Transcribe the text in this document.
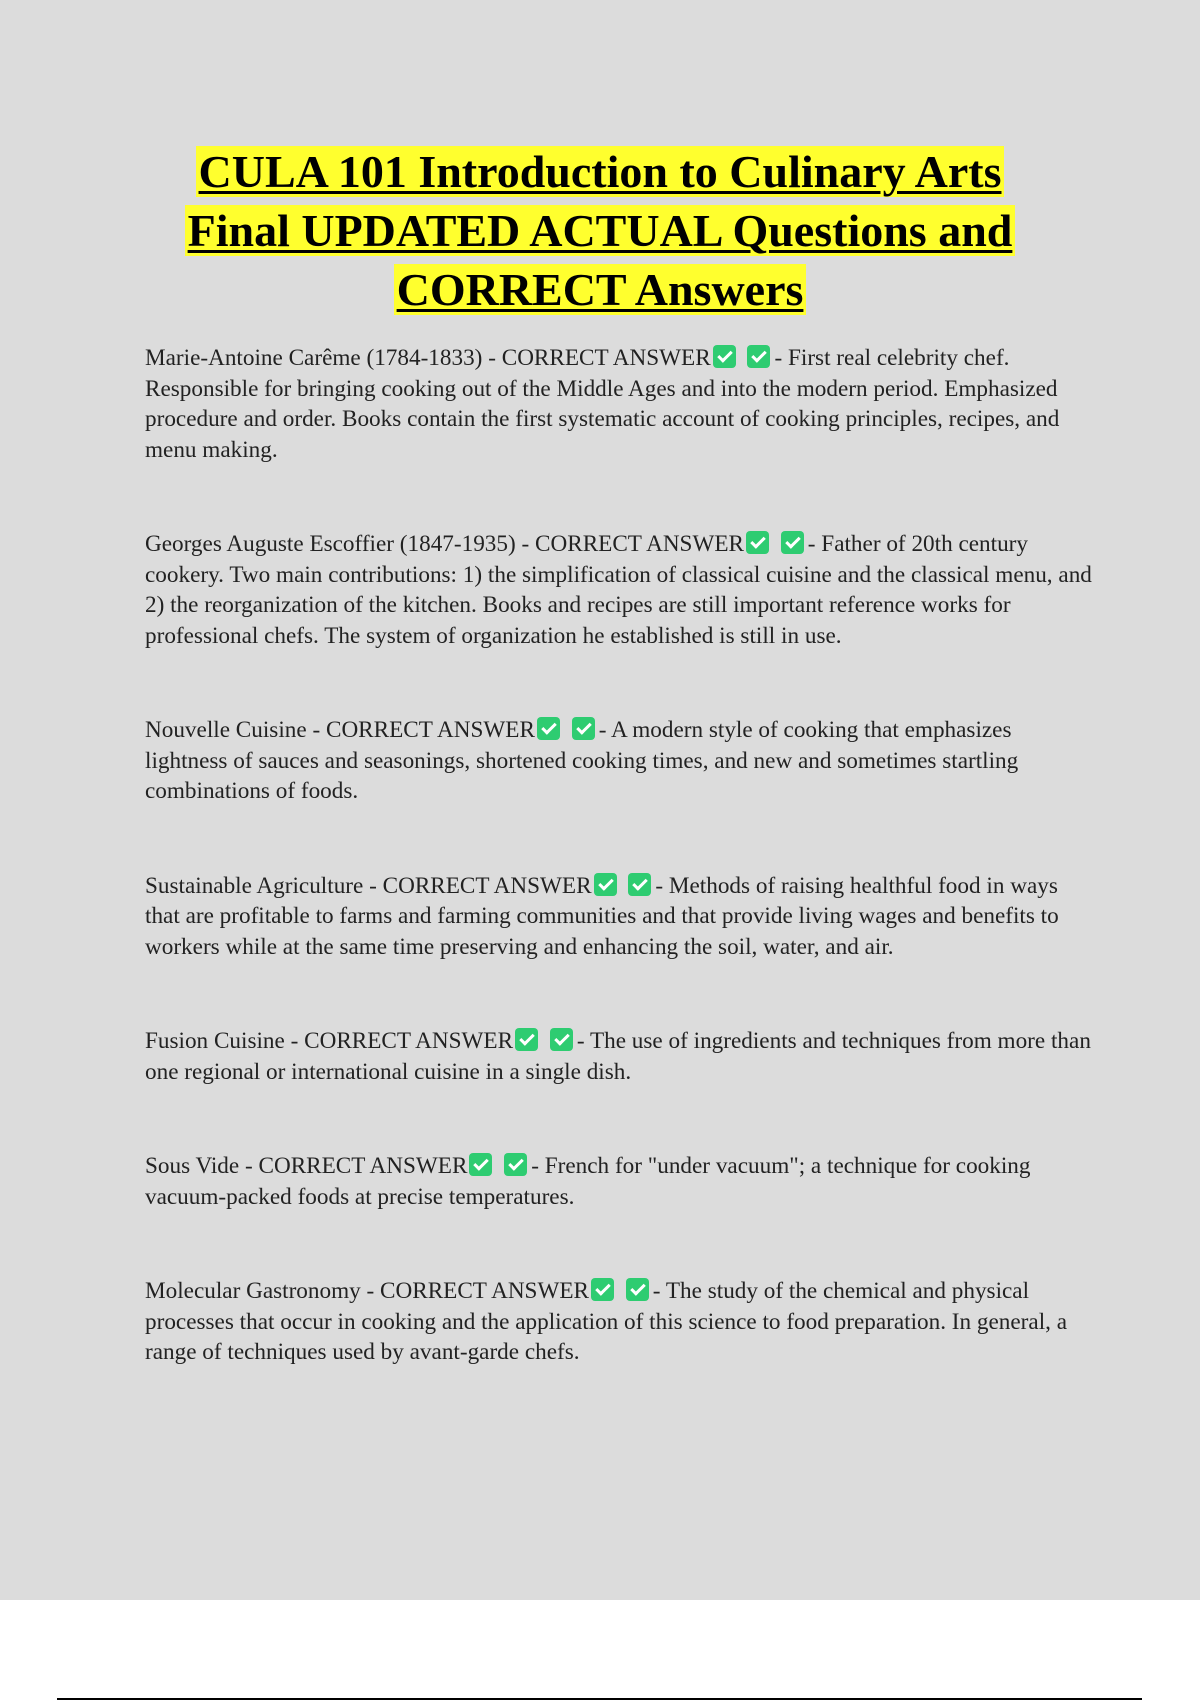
CULA 101 Introduction to Culinary Arts
Final UPDATED ACTUAL Questions and
CORRECT Answers

Marie-Antoine Carême (1784-1833) - CORRECT ANSWER	- First real celebrity chef. Responsible for bringing cooking out of the Middle Ages and into the modern period. Emphasized procedure and order. Books contain the first systematic account of cooking principles, recipes, and menu making.

Georges Auguste Escoffier (1847-1935) - CORRECT ANSWER	- Father of 20th century cookery. Two main contributions: 1) the simplification of classical cuisine and the classical menu, and 2) the reorganization of the kitchen. Books and recipes are still important reference works for professional chefs. The system of organization he established is still in use.

Nouvelle Cuisine - CORRECT ANSWER	- A modern style of cooking that emphasizes lightness of sauces and seasonings, shortened cooking times, and new and sometimes startling combinations of foods.

Sustainable Agriculture - CORRECT ANSWER	- Methods of raising healthful food in ways that are profitable to farms and farming communities and that provide living wages and benefits to workers while at the same time preserving and enhancing the soil, water, and air.

Fusion Cuisine - CORRECT ANSWER	- The use of ingredients and techniques from more than one regional or international cuisine in a single dish.

Sous Vide - CORRECT ANSWER	- French for "under vacuum"; a technique for cooking vacuum-packed foods at precise temperatures.

Molecular Gastronomy - CORRECT ANSWER	- The study of the chemical and physical processes that occur in cooking and the application of this science to food preparation. In general, a range of techniques used by avant-garde chefs.
